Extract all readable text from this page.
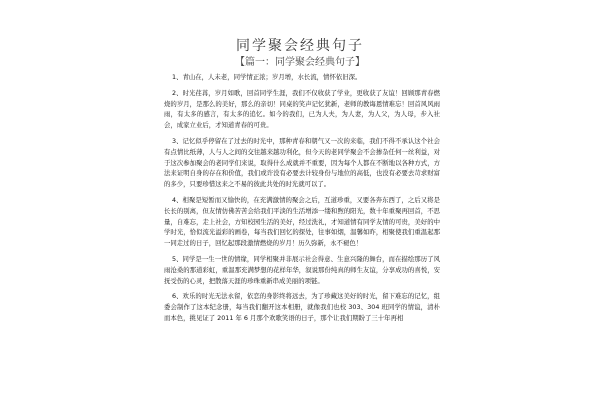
同学聚会经典句子
【篇一：同学聚会经典句子】

1、青山在，人未老，同学情正浓；岁月增，水长流，情怀依旧深。

2、时光荏苒，岁月如歌，回首同学生涯，我们不仅收获了学业，更收获了友谊！回顾那青春燃烧的岁月，是那么的美好，那么的亲切！同桌的笑声记忆犹新，老师的教诲恩情难忘！回首风风雨雨，有太多的感言，有太多的追忆。如今的我们，已为人夫，为人妻，为人父，为人母，步入社会，成家立业后，才知道青春的可贵。

3、记忆似乎停留在了过去的时光中，那种青春和朝气又一次的来临，我们不得不承认这个社会有点情比纸薄，人与人之间的交往越来越功利化，但今天的老同学聚会不会掺杂任何一丝利益，对于这次参加聚会的老同学们来说，取得什么成就并不重要，因为每个人都在不断地以各种方式，方法来证明自身的存在和价值，我们或许没有必要去计较身份与地位的高低，也没有必要去苛求财富的多少，只要珍惜这来之不易的彼此共处的时光就可以了。

4、相聚是短暂而又愉快的，在充满激情的聚会之后，互道珍重，又要各奔东西了，之后又将是长长的别离，但友情仿佛苦苦会给我们平淡的生活增添一缕和煦的阳光，数十年重聚再回首，不思量，自难忘，走上社会，方知校园生活的美好，经过洗礼，才知道情有同学友情的可贵，美好的中学时光，恰似流光溢彩的画卷，每当我们回忆的探处，往事如烟，温馨如昨，相聚使我们重温起那一同走过的日子，回忆起那段激情燃烧的岁月！历久弥新，永不褪色！

5、同学是一生一世的情缘，同学相聚并非展示社会得意、生意兴隆的舞台，而在描绘那历了风雨沧桑的那道彩虹，重温那充满梦想的花样年华，叙说那份纯真的师生友谊，分享成功的喜悦，安抚受伤的心灵，把散落天涯的珍珠重新串成美丽的项链。

6、欢乐的时光无法永留，依恋的身影终将远去，为了珍藏这美好的时光，留下难忘的记忆，组委会制作了这本纪念册，每当我们翻开这本相册，就像我们也校 303、304 班同学的情谊，清朴而本色，挑见证了 2011 年 6 月那个欢歌笑语的日子，那个让我们期盼了三十年再相
